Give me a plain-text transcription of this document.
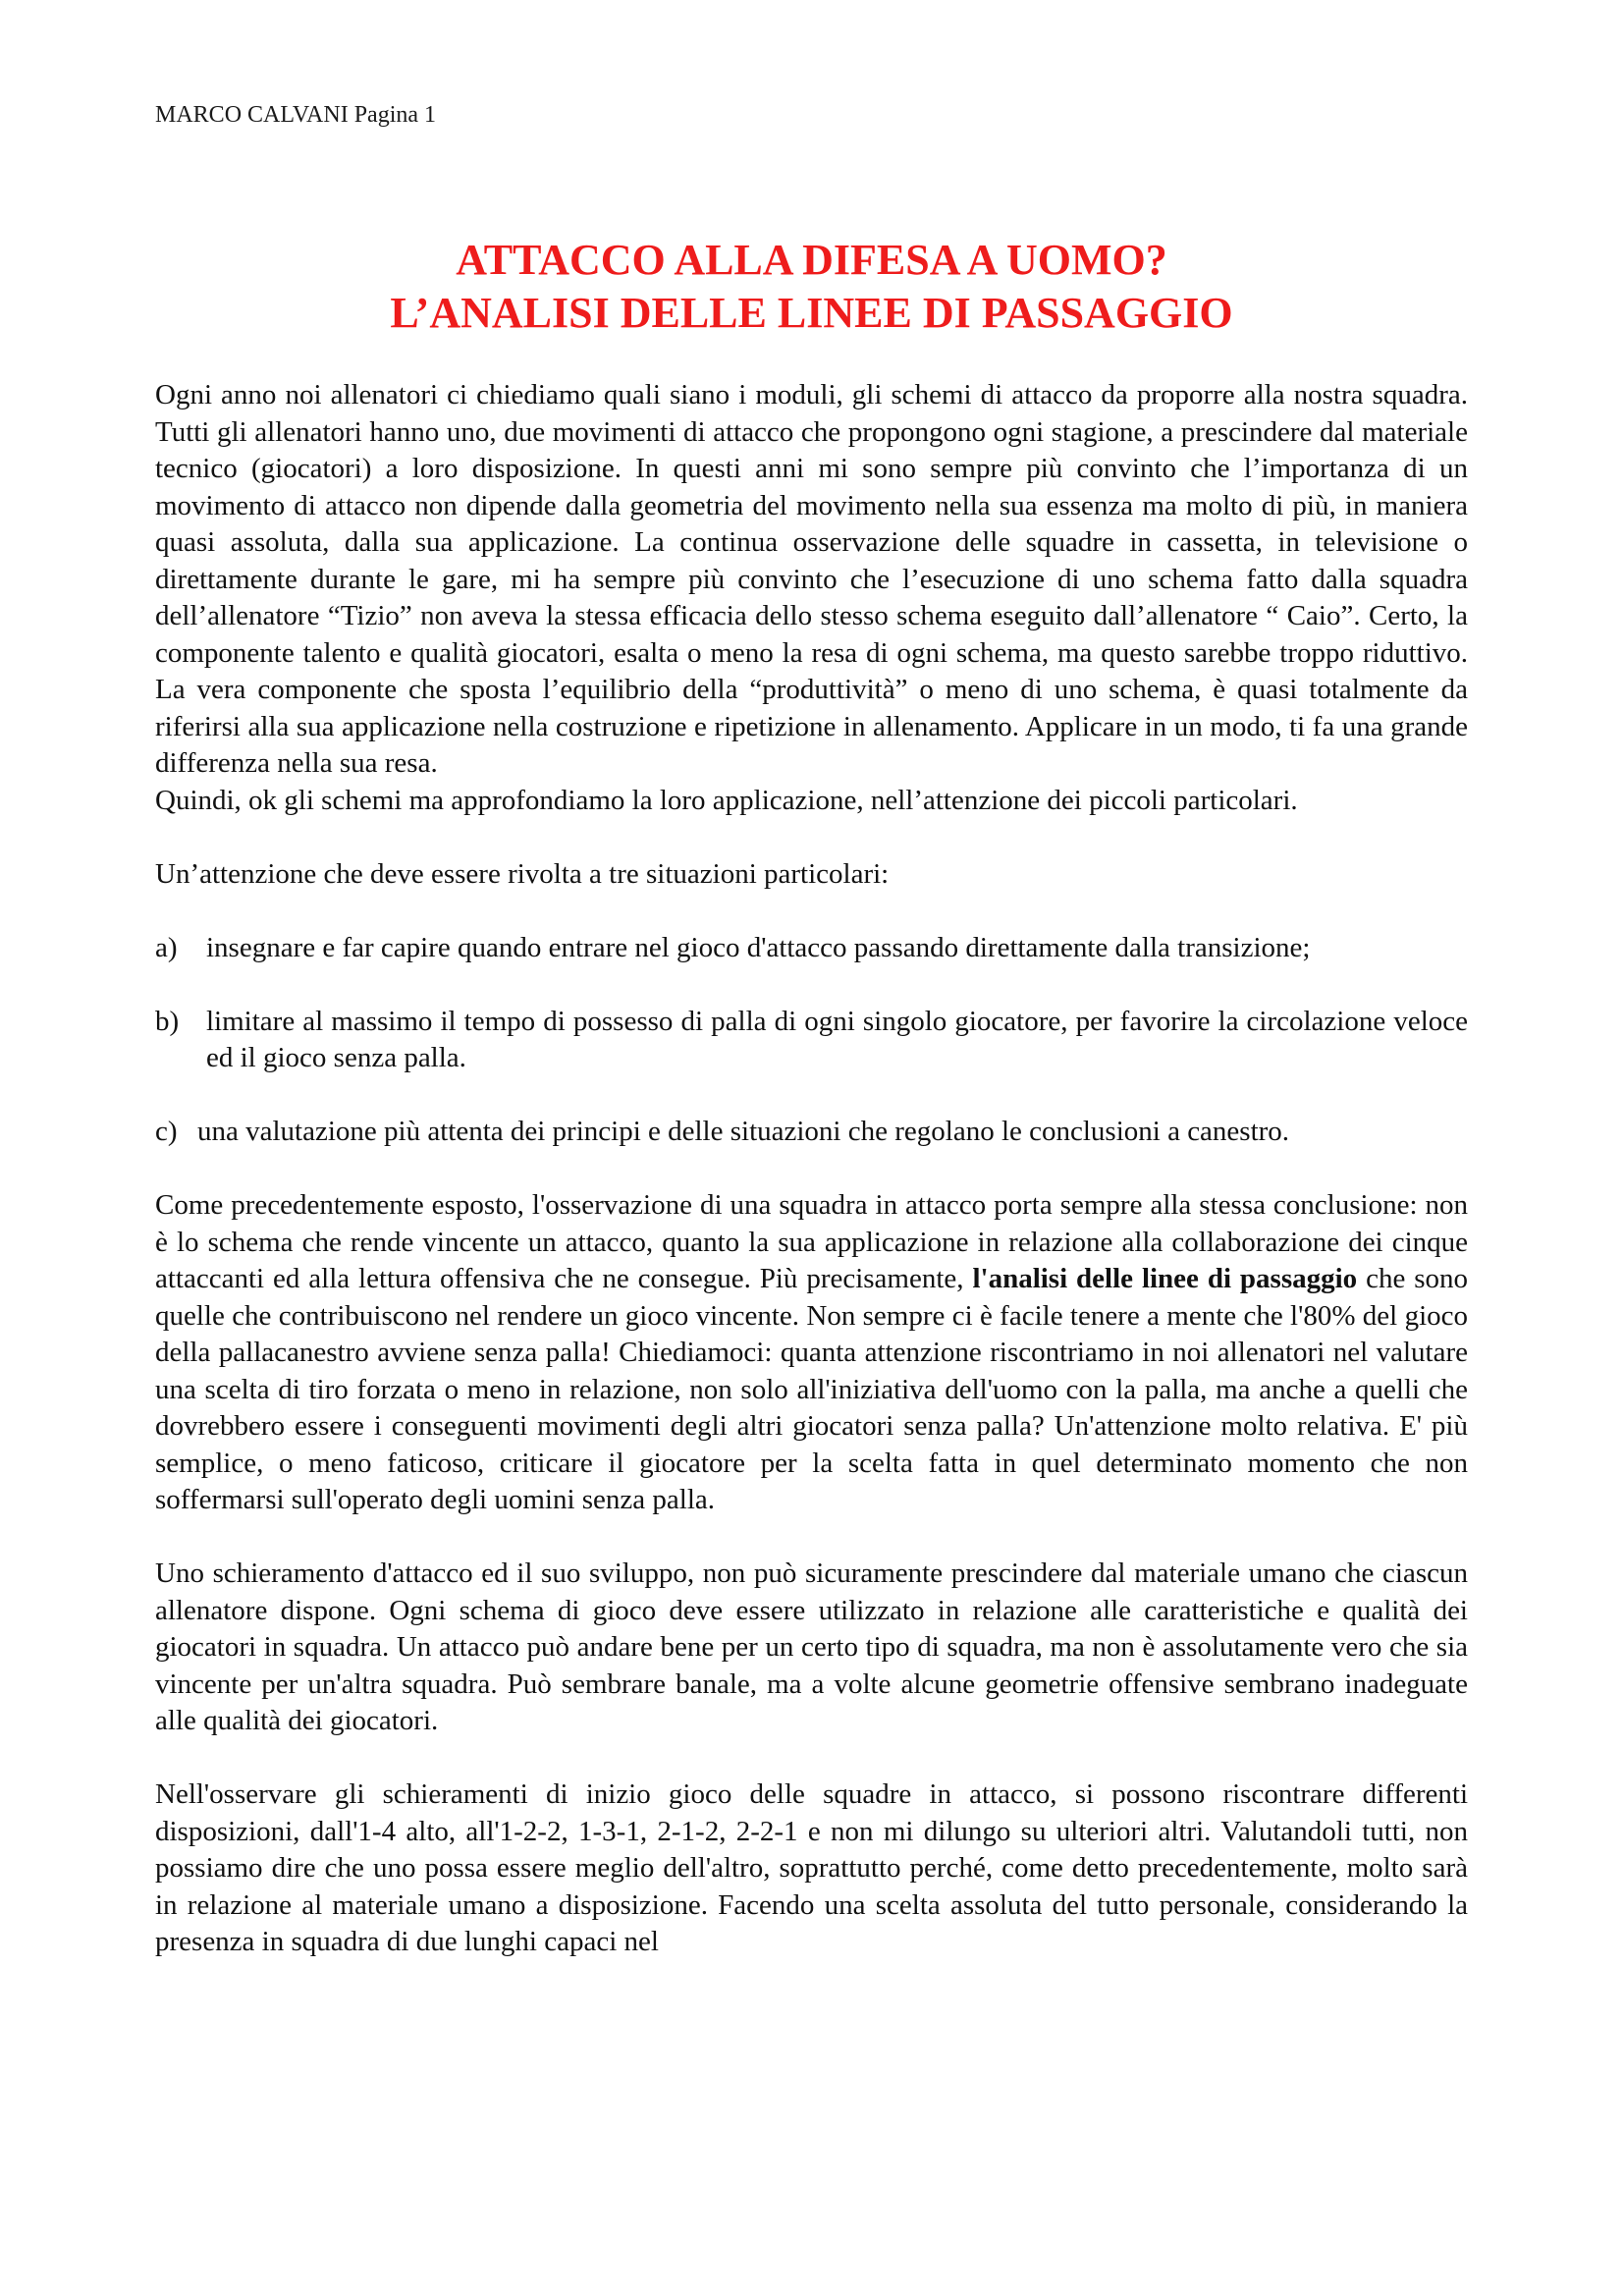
MARCO CALVANI Pagina 1
ATTACCO ALLA DIFESA A UOMO?
L’ANALISI DELLE LINEE DI PASSAGGIO

Ogni anno noi allenatori ci chiediamo quali siano i moduli, gli schemi di attacco da proporre alla nostra squadra. Tutti gli allenatori hanno uno, due movimenti di attacco che propongono ogni stagione, a prescindere dal materiale tecnico (giocatori) a loro disposizione. In questi anni mi sono sempre più convinto che l’importanza di un movimento di attacco non dipende dalla geometria del movimento nella sua essenza ma molto di più, in maniera quasi assoluta, dalla sua applicazione. La continua osservazione delle squadre in cassetta, in televisione o direttamente durante le gare, mi ha sempre più convinto che l’esecuzione di uno schema fatto dalla squadra dell’allenatore “Tizio” non aveva la stessa efficacia dello stesso schema eseguito dall’allenatore “ Caio”. Certo, la componente talento e qualità giocatori, esalta o meno la resa di ogni schema, ma questo sarebbe troppo riduttivo. La vera componente che sposta l’equilibrio della “produttività” o meno di uno schema, è quasi totalmente da riferirsi alla sua applicazione nella costruzione e ripetizione in allenamento. Applicare in un modo, ti fa una grande differenza nella sua resa.

Quindi, ok gli schemi ma approfondiamo la loro applicazione, nell’attenzione dei piccoli particolari.

Un’attenzione che deve essere rivolta a tre situazioni particolari:

a)	insegnare e far capire quando entrare nel gioco d'attacco passando direttamente dalla transizione;
b) limitare al massimo il tempo di possesso di palla di ogni singolo giocatore, per favorire la circolazione veloce ed il gioco senza palla.
c) una valutazione più attenta dei principi e delle situazioni che regolano le conclusioni a canestro.

Come precedentemente esposto, l'osservazione di una squadra in attacco porta sempre alla stessa conclusione: non è lo schema che rende vincente un attacco, quanto la sua applicazione in relazione alla collaborazione dei cinque attaccanti ed alla lettura offensiva che ne consegue. Più precisamente, l'analisi delle linee di passaggio che sono quelle che contribuiscono nel rendere un gioco vincente. Non sempre ci è facile tenere a mente che l'80% del gioco della pallacanestro avviene senza palla! Chiediamoci: quanta attenzione riscontriamo in noi allenatori nel valutare una scelta di tiro forzata o meno in relazione, non solo all'iniziativa dell'uomo con la palla, ma anche a quelli che dovrebbero essere i conseguenti movimenti degli altri giocatori senza palla? Un'attenzione molto relativa. E' più semplice, o meno faticoso, criticare il giocatore per la scelta fatta in quel determinato momento che non soffermarsi sull'operato degli uomini senza palla.

Uno schieramento d'attacco ed il suo sviluppo, non può sicuramente prescindere dal materiale umano che ciascun allenatore dispone. Ogni schema di gioco deve essere utilizzato in relazione alle caratteristiche e qualità dei giocatori in squadra. Un attacco può andare bene per un certo tipo di squadra, ma non è assolutamente vero che sia vincente per un'altra squadra. Può sembrare banale, ma a volte alcune geometrie offensive sembrano inadeguate alle qualità dei giocatori.

Nell'osservare gli schieramenti di inizio gioco delle squadre in attacco, si possono riscontrare differenti disposizioni, dall'1-4 alto, all'1-2-2, 1-3-1, 2-1-2, 2-2-1 e non mi dilungo su ulteriori altri. Valutandoli tutti, non possiamo dire che uno possa essere meglio dell'altro, soprattutto perché, come detto precedentemente, molto sarà in relazione al materiale umano a disposizione. Facendo una scelta assoluta del tutto personale, considerando la presenza in squadra di due lunghi capaci nel
